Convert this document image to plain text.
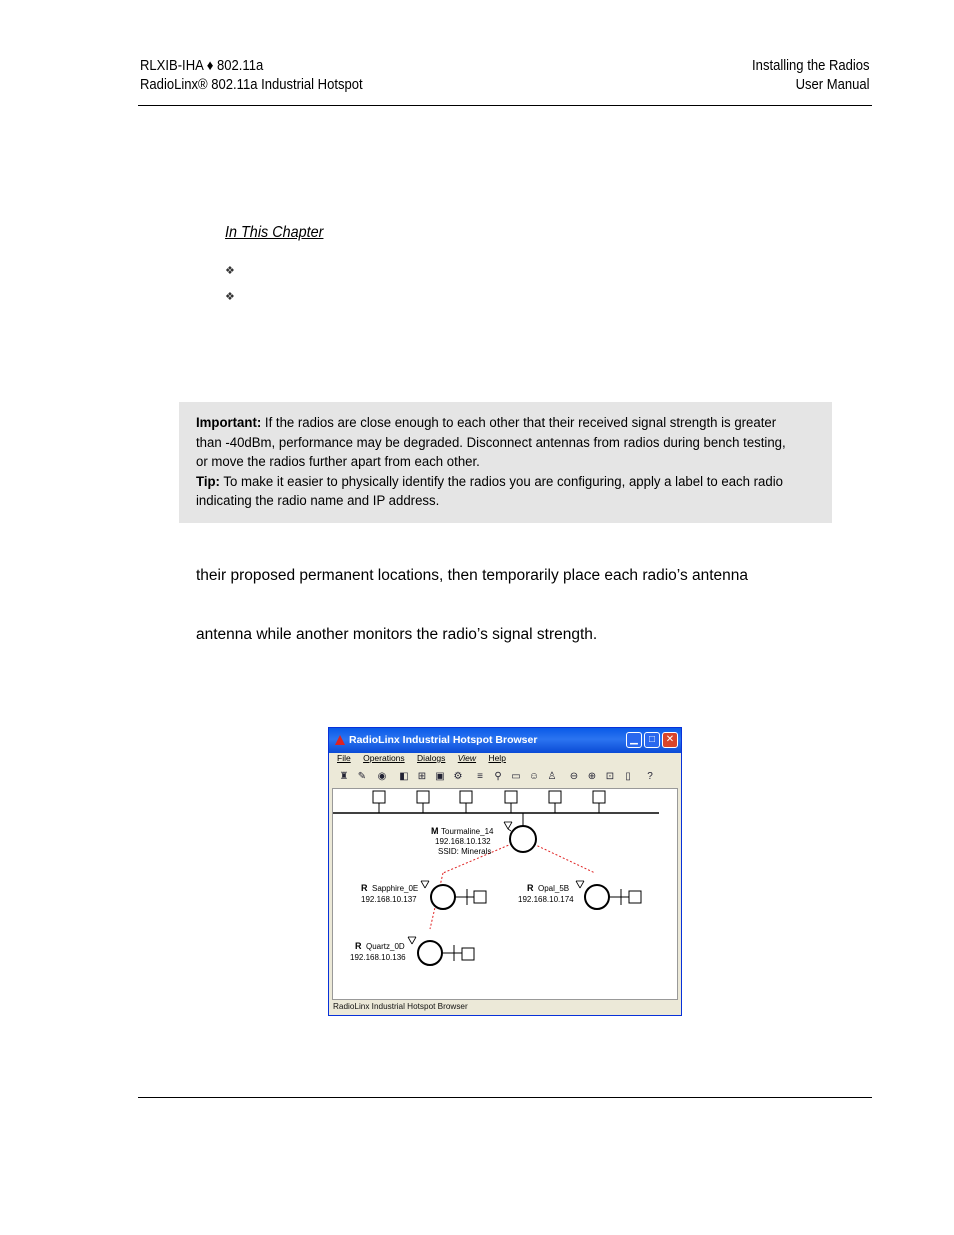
RLXIB-IHA ♦ 802.11a
RadioLinx® 802.11a Industrial Hotspot
Installing the Radios
User Manual
In This Chapter
❖
❖
Important: If the radios are close enough to each other that their received signal strength is greater than -40dBm, performance may be degraded. Disconnect antennas from radios during bench testing, or move the radios further apart from each other.
Tip: To make it easier to physically identify the radios you are configuring, apply a label to each radio indicating the radio name and IP address.
their proposed permanent locations, then temporarily place each radio’s antenna
antenna while another monitors the radio’s signal strength.
RadioLinx Industrial Hotspot Browser	▁	□	✕
File Operations Dialogs View Help
♜ ✎ ◉ ◧ ⊞ ▣ ⚙	≡	⚲ ▭ ☺ ♙ ⊖ ⊕ ⊡	▯	?
M Tourmaline_14
192.168.10.132
SSID: Minerals
R Sapphire_0E
192.168.10.137
R Opal_5B
192.168.10.174
R Quartz_0D
192.168.10.136
RadioLinx Industrial Hotspot Browser
